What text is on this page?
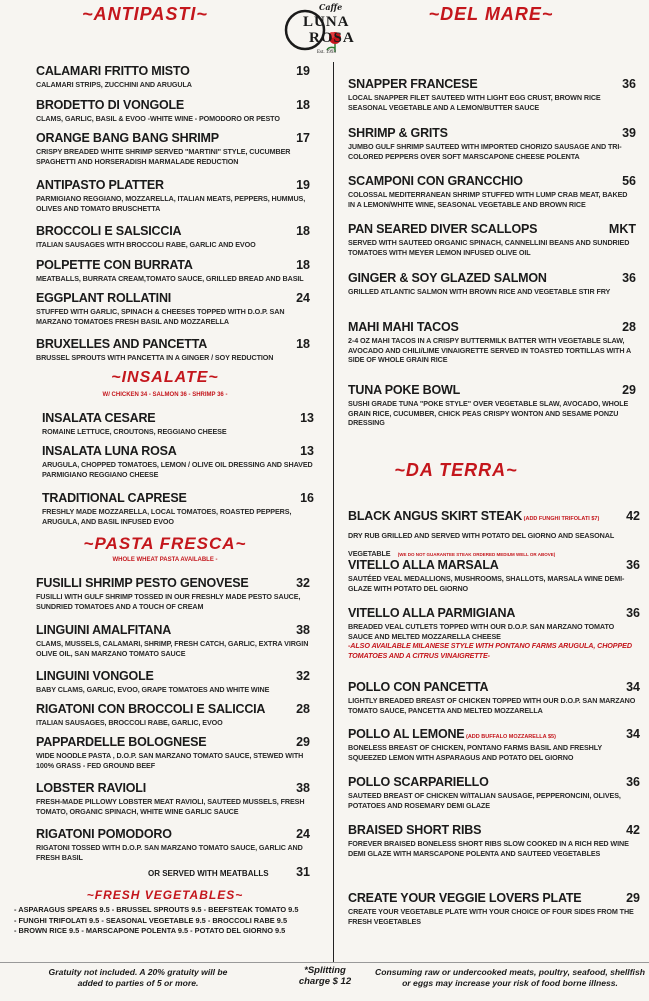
Caffe
LUNA
ROSA
Est. 1993
~ANTIPASTI~
CALAMARI FRITTO MISTO	19
CALAMARI STRIPS, ZUCCHINI AND ARUGULA
BRODETTO DI VONGOLE	18
CLAMS, GARLIC, BASIL & EVOO -WHITE WINE - POMODORO OR PESTO
ORANGE BANG BANG SHRIMP	17
CRISPY BREADED WHITE SHRIMP SERVED "MARTINI" STYLE, CUCUMBER SPAGHETTI AND HORSERADISH MARMALADE REDUCTION
ANTIPASTO PLATTER	19
PARMIGIANO REGGIANO, MOZZARELLA, ITALIAN MEATS, PEPPERS, HUMMUS, OLIVES AND TOMATO BRUSCHETTA
BROCCOLI E SALSICCIA	18
ITALIAN SAUSAGES WITH BROCCOLI RABE, GARLIC AND EVOO
POLPETTE CON BURRATA	18
MEATBALLS, BURRATA CREAM,TOMATO SAUCE, GRILLED BREAD AND BASIL
EGGPLANT ROLLATINI	24
STUFFED WITH GARLIC, SPINACH & CHEESES TOPPED WITH D.O.P. SAN MARZANO TOMATOES FRESH BASIL AND MOZZARELLA
BRUXELLES AND PANCETTA	18
BRUSSEL SPROUTS WITH PANCETTA IN A GINGER / SOY REDUCTION
~INSALATE~
W/ CHICKEN 34 - SALMON 36 - SHRIMP 36 -
INSALATA CESARE	13
ROMAINE LETTUCE, CROUTONS, REGGIANO CHEESE
INSALATA LUNA ROSA	13
ARUGULA, CHOPPED TOMATOES, LEMON / OLIVE OIL DRESSING AND SHAVED PARMIGIANO REGGIANO CHEESE
TRADITIONAL CAPRESE	16
FRESHLY MADE MOZZARELLA, LOCAL TOMATOES, ROASTED PEPPERS, ARUGULA, AND BASIL INFUSED EVOO
~PASTA FRESCA~
WHOLE WHEAT PASTA AVAILABLE -
FUSILLI SHRIMP PESTO GENOVESE	32
FUSILLI WITH GULF SHRIMP TOSSED IN OUR FRESHLY MADE PESTO SAUCE, SUNDRIED TOMATOES AND A TOUCH OF CREAM
LINGUINI AMALFITANA	38
CLAMS, MUSSELS, CALAMARI, SHRIMP, FRESH CATCH, GARLIC, EXTRA VIRGIN OLIVE OIL, SAN MARZANO TOMATO SAUCE
LINGUINI VONGOLE	32
BABY CLAMS, GARLIC, EVOO, GRAPE TOMATOES AND WHITE WINE
RIGATONI CON BROCCOLI E SALICCIA 28
ITALIAN SAUSAGES, BROCCOLI RABE, GARLIC, EVOO
PAPPARDELLE BOLOGNESE	29
WIDE NOODLE PASTA , D.O.P. SAN MARZANO TOMATO SAUCE, STEWED WITH 100% GRASS - FED GROUND BEEF
LOBSTER RAVIOLI	38
FRESH-MADE PILLOWY LOBSTER MEAT RAVIOLI, SAUTEED MUSSELS, FRESH TOMATO, ORGANIC SPINACH, WHITE WINE GARLIC SAUCE
RIGATONI POMODORO	24
RIGATONI TOSSED WITH D.O.P. SAN MARZANO TOMATO SAUCE, GARLIC AND FRESH BASIL
OR SERVED WITH MEATBALLS 31
~FRESH VEGETABLES~
- ASPARAGUS SPEARS 9.5 - BRUSSEL SPROUTS 9.5 - BEEFSTEAK TOMATO 9.5
- FUNGHI TRIFOLATI 9.5 - SEASONAL VEGETABLE 9.5 - BROCCOLI RABE 9.5
- BROWN RICE 9.5 - MARSCAPONE POLENTA 9.5 - POTATO DEL GIORNO 9.5
~DEL MARE~
SNAPPER FRANCESE	36
LOCAL SNAPPER FILET SAUTEED WITH LIGHT EGG CRUST, BROWN RICE SEASONAL VEGETABLE AND A LEMON/BUTTER SAUCE
SHRIMP & GRITS	39
JUMBO GULF SHRIMP SAUTEED WITH IMPORTED CHORIZO SAUSAGE AND TRI-COLORED PEPPERS OVER SOFT MARSCAPONE CHEESE POLENTA
SCAMPONI CON GRANCCHIO	56
COLOSSAL MEDITERRANEAN SHRIMP STUFFED WITH LUMP CRAB MEAT, BAKED IN A LEMON/WHITE WINE, SEASONAL VEGETABLE AND BROWN RICE
PAN SEARED DIVER SCALLOPS	MKT
SERVED WITH SAUTEED ORGANIC SPINACH, CANNELLINI BEANS AND SUNDRIED TOMATOES WITH MEYER LEMON INFUSED OLIVE OIL
GINGER & SOY GLAZED SALMON	36
GRILLED ATLANTIC SALMON WITH BROWN RICE AND VEGETABLE STIR FRY
MAHI MAHI TACOS	28
2-4 OZ MAHI TACOS IN A CRISPY BUTTERMILK BATTER WITH VEGETABLE SLAW, AVOCADO AND CHILI/LIME VINAIGRETTE SERVED IN TOASTED TORTILLAS WITH A SIDE OF WHOLE GRAIN RICE
TUNA POKE BOWL	29
SUSHI GRADE TUNA "POKE STYLE" OVER VEGETABLE SLAW, AVOCADO, WHOLE GRAIN RICE, CUCUMBER, CHICK PEAS CRISPY WONTON AND SESAME PONZU DRESSING
~DA TERRA~
BLACK ANGUS SKIRT STEAK (ADD FUNGHI TRIFOLATI $7) 42
DRY RUB GRILLED AND SERVED WITH POTATO DEL GIORNO AND SEASONAL VEGETABLE (WE DO NOT GUARANTEE STEAK ORDERED MEDIUM WELL OR ABOVE)
VITELLO ALLA MARSALA	36
SAUTÉED VEAL MEDALLIONS, MUSHROOMS, SHALLOTS, MARSALA WINE DEMI-GLAZE WITH POTATO DEL GIORNO
VITELLO ALLA PARMIGIANA	36
BREADED VEAL CUTLETS TOPPED WITH OUR D.O.P. SAN MARZANO TOMATO SAUCE AND MELTED MOZZARELLA CHEESE
-ALSO AVAILABLE MILANESE STYLE WITH PONTANO FARMS ARUGULA, CHOPPED TOMATOES AND A CITRUS VINAIGRETTE-
POLLO CON PANCETTA	34
LIGHTLY BREADED BREAST OF CHICKEN TOPPED WITH OUR D.O.P. SAN MARZANO TOMATO SAUCE, PANCETTA AND MELTED MOZZARELLA
POLLO AL LEMONE (ADD BUFFALO MOZZARELLA $5)	34
BONELESS BREAST OF CHICKEN, PONTANO FARMS BASIL AND FRESHLY SQUEEZED LEMON WITH ASPARAGUS AND POTATO DEL GIORNO
POLLO SCARPARIELLO	36
SAUTEED BREAST OF CHICKEN W/ITALIAN SAUSAGE, PEPPERONCINI, OLIVES, POTATOES AND ROSEMARY DEMI GLAZE
BRAISED SHORT RIBS	42
FOREVER BRAISED BONELESS SHORT RIBS SLOW COOKED IN A RICH RED WINE DEMI GLAZE WITH MARSCAPONE POLENTA AND SAUTEED VEGETABLES
CREATE YOUR VEGGIE LOVERS PLATE	29
CREATE YOUR VEGETABLE PLATE WITH YOUR CHOICE OF FOUR SIDES FROM THE FRESH VEGETABLES
Gratuity not included. A 20% gratuity will be added to parties of 5 or more.
*Splitting charge $ 12
Consuming raw or undercooked meats, poultry, seafood, shellfish or eggs may increase your risk of food borne illness.
